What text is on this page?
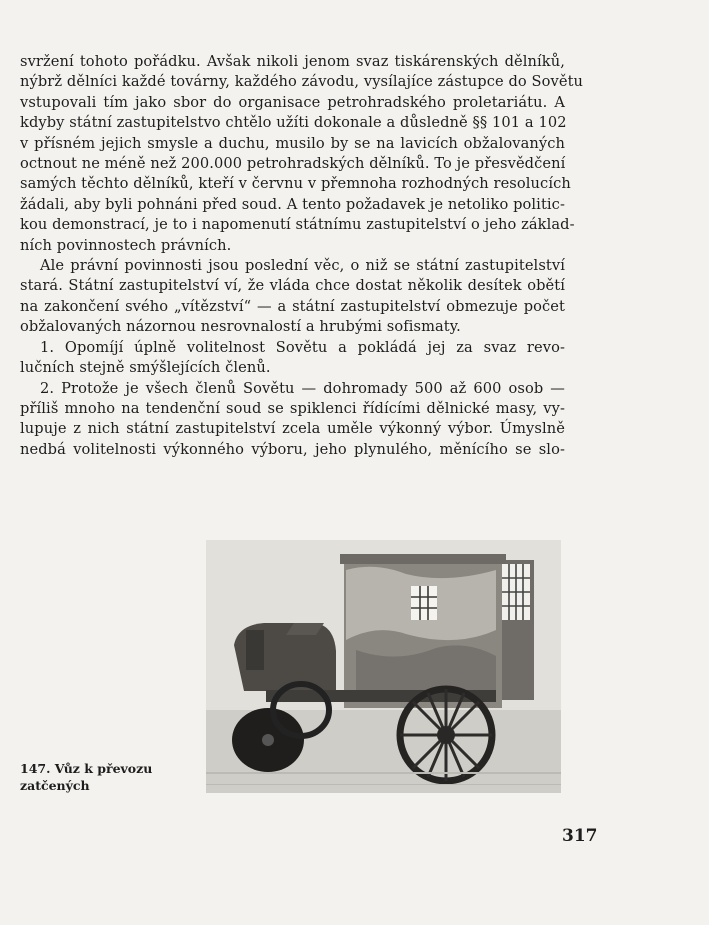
svržení tohoto pořádku. Avšak nikoli jenom svaz tiskárenských dělníků,
nýbrž dělníci každé továrny, každého závodu, vysílajíce zástupce do Sovětu
vstupovali tím jako sbor do organisace petrohradského proletariátu. A
kdyby státní zastupitelstvo chtělo užíti dokonale a důsledně §§ 101 a 102
v přísném jejich smysle a duchu, musilo by se na lavicích obžalovaných
octnout ne méně než 200.000 petrohradských dělníků. To je přesvědčení
samých těchto dělníků, kteří v červnu v přemnoha rozhodných resolucích
žádali, aby byli pohnáni před soud. A tento požadavek je netoliko politic-
kou demonstrací, je to i napomenutí státnímu zastupitelství o jeho základ-
ních povinnostech právních.
Ale právní povinnosti jsou poslední věc, o niž se státní zastupitelství
stará. Státní zastupitelství ví, že vláda chce dostat několik desítek obětí
na zakončení svého „vítězství“ — a státní zastupitelství obmezuje počet
obžalovaných názornou nesrovnalostí a hrubými sofismaty.
1. Opomíjí úplně volitelnost Sovětu a pokládá jej za svaz revo-
lučních stejně smýšlejících členů.
2. Protože je všech členů Sovětu — dohromady 500 až 600 osob —
příliš mnoho na tendenční soud se spiklenci řídícími dělnické masy, vy-
lupuje z nich státní zastupitelství zcela uměle výkonný výbor. Úmyslně
nedbá volitelnosti výkonného výboru, jeho plynulého, měnícího se slo-
147. Vůz k převozu
zatčených
317
